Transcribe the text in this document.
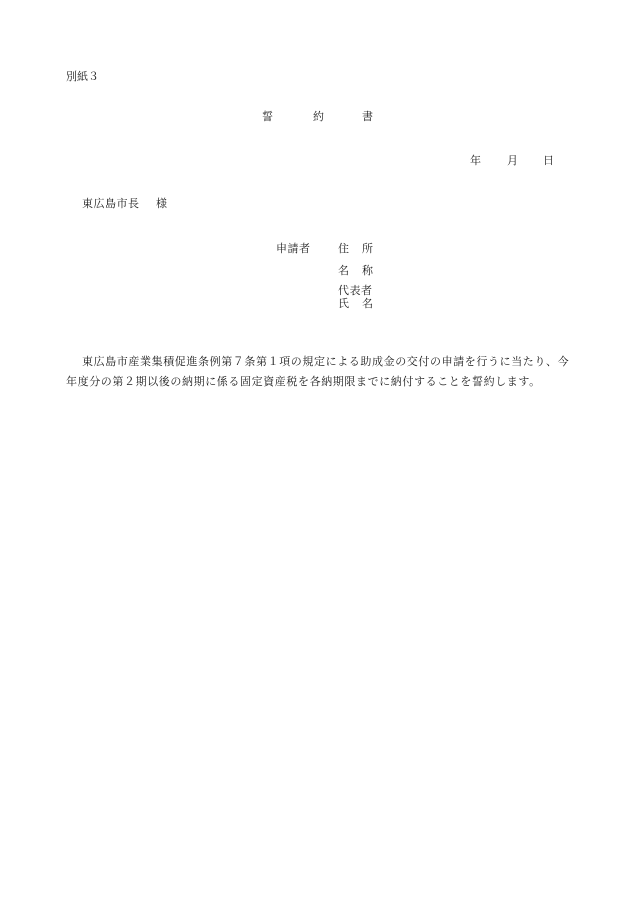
別紙３
誓	約	書
年 月 日
東広島市長 様
申請者	住 所
名 称
代表者
氏 名
東広島市産業集積促進条例第７条第１項の規定による助成金の交付の申請を行うに当たり、今年度分の第２期以後の納期に係る固定資産税を各納期限までに納付することを誓約します。
